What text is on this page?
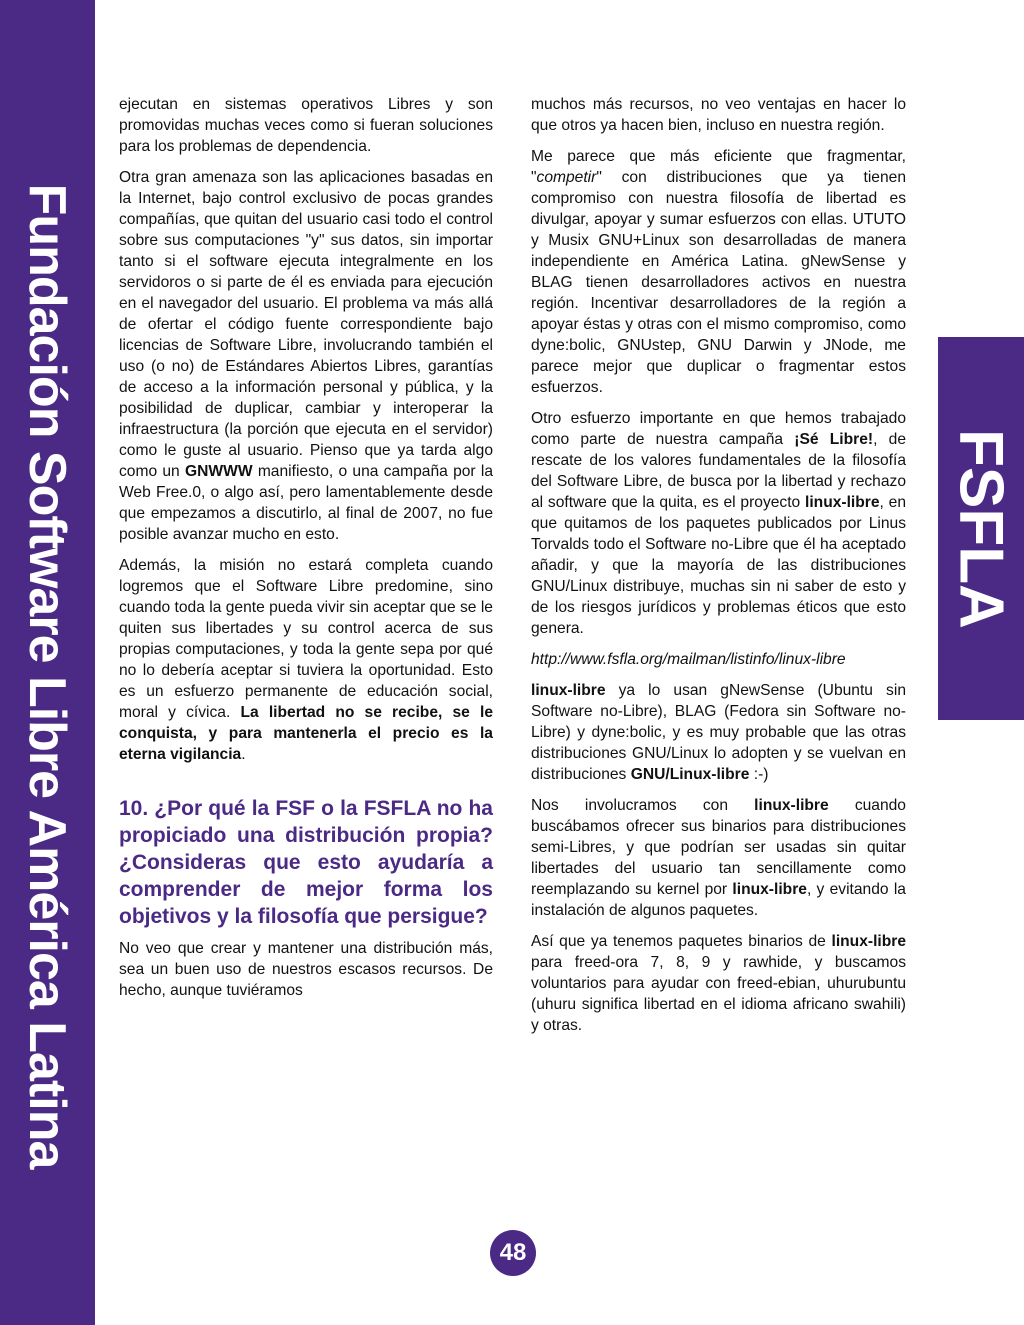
Fundación Software Libre América Latina	FSFLA

ejecutan en sistemas operativos Libres y son promovidas muchas veces como si fueran soluciones para los problemas de dependencia.

Otra gran amenaza son las aplicaciones basadas en la Internet, bajo control exclusivo de pocas grandes compañías, que quitan del usuario casi todo el control sobre sus computaciones "y" sus datos, sin importar tanto si el software ejecuta integralmente en los servidoros o si parte de él es enviada para ejecución en el navegador del usuario. El problema va más allá de ofertar el código fuente correspondiente bajo licencias de Software Libre, involucrando también el uso (o no) de Estándares Abiertos Libres, garantías de acceso a la información personal y pública, y la posibilidad de duplicar, cambiar y interoperar la infraestructura (la porción que ejecuta en el servidor) como le guste al usuario. Pienso que ya tarda algo como un GNWWW manifiesto, o una campaña por la Web Free.0, o algo así, pero lamentablemente desde que empezamos a discutirlo, al final de 2007, no fue posible avanzar mucho en esto.

Además, la misión no estará completa cuando logremos que el Software Libre predomine, sino cuando toda la gente pueda vivir sin aceptar que se le quiten sus libertades y su control acerca de sus propias computaciones, y toda la gente sepa por qué no lo debería aceptar si tuviera la oportunidad. Esto es un esfuerzo permanente de educación social, moral y cívica. La libertad no se recibe, se le conquista, y para mantenerla el precio es la eterna vigilancia.

10. ¿Por qué la FSF o la FSFLA no ha propiciado una distribución propia? ¿Consideras que esto ayudaría a comprender de mejor forma los objetivos y la filosofía que persigue?

No veo que crear y mantener una distribución más, sea un buen uso de nuestros escasos recursos. De hecho, aunque tuviéramos

muchos más recursos, no veo ventajas en hacer lo que otros ya hacen bien, incluso en nuestra región.

Me parece que más eficiente que fragmentar, "competir" con distribuciones que ya tienen compromiso con nuestra filosofía de libertad es divulgar, apoyar y sumar esfuerzos con ellas. UTUTO y Musix GNU+Linux son desarrolladas de manera independiente en América Latina. gNewSense y BLAG tienen desarrolladores activos en nuestra región. Incentivar desarrolladores de la región a apoyar éstas y otras con el mismo compromiso, como dyne:bolic, GNUstep, GNU Darwin y JNode, me parece mejor que duplicar o fragmentar estos esfuerzos.

Otro esfuerzo importante en que hemos trabajado como parte de nuestra campaña ¡Sé Libre!, de rescate de los valores fundamentales de la filosofía del Software Libre, de busca por la libertad y rechazo al software que la quita, es el proyecto linux-libre, en que quitamos de los paquetes publicados por Linus Torvalds todo el Software no-Libre que él ha aceptado añadir, y que la mayoría de las distribuciones GNU/Linux distribuye, muchas sin ni saber de esto y de los riesgos jurídicos y problemas éticos que esto genera.

http://www.fsfla.org/mailman/listinfo/linux-libre

linux-libre ya lo usan gNewSense (Ubuntu sin Software no-Libre), BLAG (Fedora sin Software no-Libre) y dyne:bolic, y es muy probable que las otras distribuciones GNU/Linux lo adopten y se vuelvan en distribuciones GNU/Linux-libre :-)

Nos involucramos con linux-libre cuando buscábamos ofrecer sus binarios para distribuciones semi-Libres, y que podrían ser usadas sin quitar libertades del usuario tan sencillamente como reemplazando su kernel por linux-libre, y evitando la instalación de algunos paquetes.

Así que ya tenemos paquetes binarios de linux-libre para freed-ora 7, 8, 9 y rawhide, y buscamos voluntarios para ayudar con freed-ebian, uhurubuntu (uhuru significa libertad en el idioma africano swahili) y otras.

48
